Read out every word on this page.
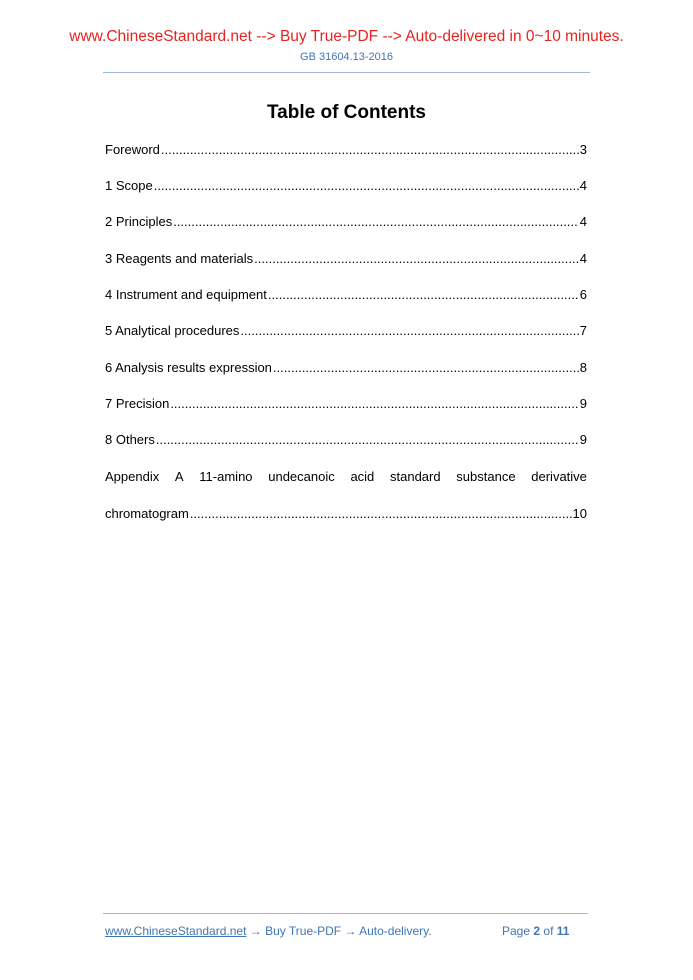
www.ChineseStandard.net --> Buy True-PDF --> Auto-delivered in 0~10 minutes.
GB 31604.13-2016
Table of Contents
Foreword .....	3
1 Scope .....	4
2 Principles .....	4
3 Reagents and materials .....	4
4 Instrument and equipment .....	6
5 Analytical procedures .....	7
6 Analysis results expression .....	8
7 Precision .....	9
8 Others .....	9
Appendix A 11-amino undecanoic acid standard substance derivative
chromatogram .....	10
www.ChineseStandard.net → Buy True-PDF → Auto-delivery.	Page 2 of 11
